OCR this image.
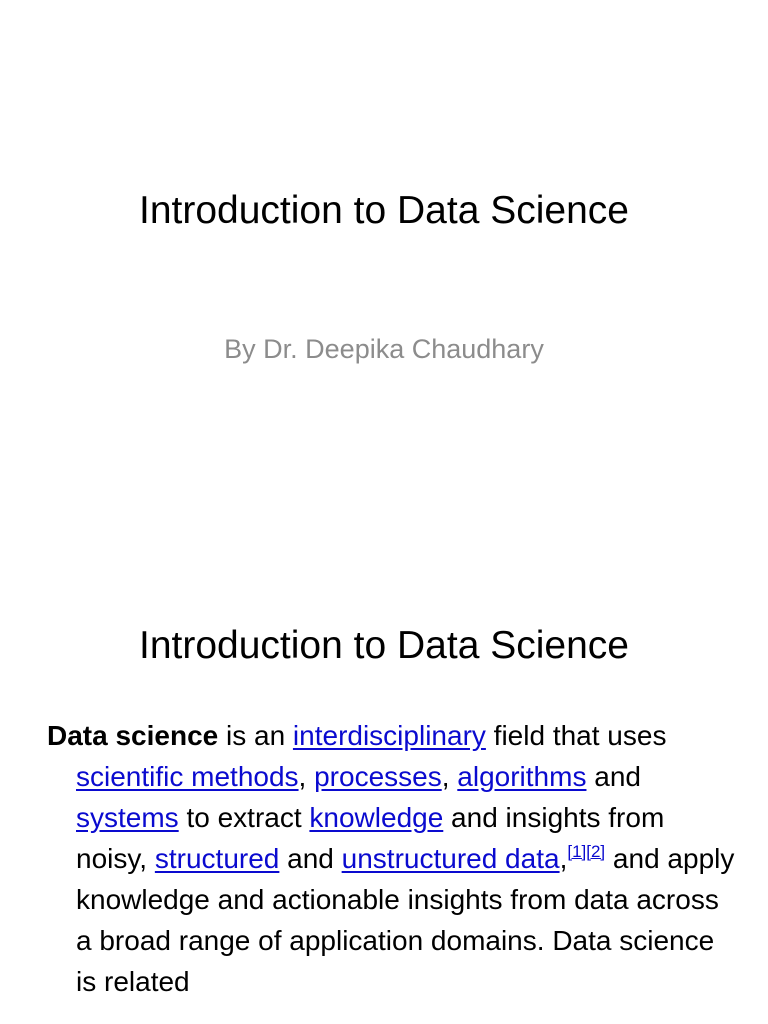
Introduction to Data Science
By Dr. Deepika Chaudhary
Introduction to Data Science

Data science is an interdisciplinary field that uses scientific methods, processes, algorithms and systems to extract knowledge and insights from noisy, structured and unstructured data,[1][2] and apply knowledge and actionable insights from data across a broad range of application domains. Data science is related
